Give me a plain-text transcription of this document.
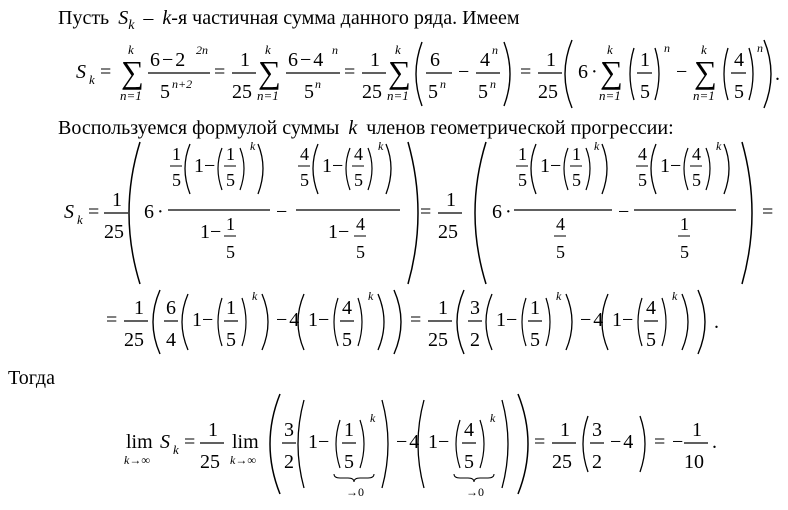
Пусть $S_k - k-я$ частичная сумма данного ряда. Имеем
S k = ∑
k
n=1
6 − 2 2n
5 n+2
=
1
25
∑
k
n=1
6 − 4 n
5 n
=
1
25
∑
k
n=1
6
5 n
−
4 n
5 n
=
1
25
6 · ∑
k
n=1
1
5
n
− ∑
k
n=1
4
5
n
.
Воспользуемся формулой суммы k членов геометрической прогрессии:
S k =
1
25
6 ·
1
5
1−
1
5
k
1− 1
5
−
4
5
1−
4
5
k
1− 4
5
=
1
25
6 ·
1
5
1−
1
5
k
4
5
−
4
5
1−
4
5
k
1
5
=
=
1
25
6
4
1−
1
5
k
− 4 1−
4
5
k
=
1
25
3
2
1−
1
5
k
− 4 1−
4
5
k
.
Тогда
lim
k→∞
S k =
1
25
lim
k→∞
3
2
1−
1
5
k
→0
− 4 1−
4
5
k
→0
=
1
25
3
2
− 4 = −
1
10
.
